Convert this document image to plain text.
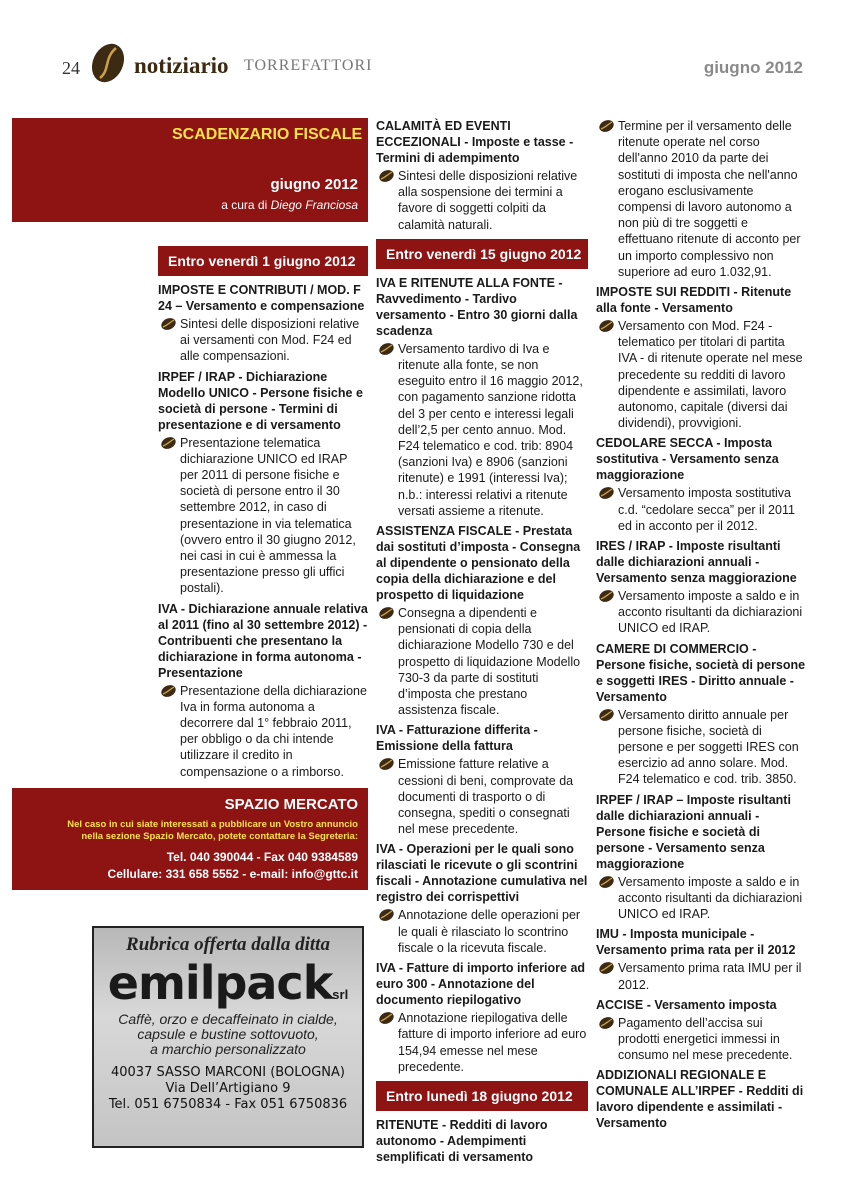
24 notiziario TORREFATTORI	giugno 2012
SCADENZARIO FISCALE
giugno 2012
a cura di Diego Franciosa
Entro venerdì 1 giugno 2012
IMPOSTE E CONTRIBUTI / MOD. F 24 – Versamento e compensazione
Sintesi delle disposizioni relative ai versamenti con Mod. F24 ed alle compensazioni.
IRPEF / IRAP - Dichiarazione Modello UNICO - Persone fisiche e società di persone - Termini di presentazione e di versamento
Presentazione telematica dichiarazione UNICO ed IRAP per 2011 di persone fisiche e società di persone entro il 30 settembre 2012, in caso di presentazione in via telematica (ovvero entro il 30 giugno 2012, nei casi in cui è ammessa la presentazione presso gli uffici postali).
IVA - Dichiarazione annuale relativa al 2011 (fino al 30 settembre 2012) - Contribuenti che presentano la dichiarazione in forma autonoma - Presentazione
Presentazione della dichiarazione Iva in forma autonoma a decorrere dal 1° febbraio 2011, per obbligo o da chi intende utilizzare il credito in compensazione o a rimborso.
CALAMITÀ ED EVENTI ECCEZIONALI - Imposte e tasse - Termini di adempimento
Sintesi delle disposizioni relative alla sospensione dei termini a favore di soggetti colpiti da calamità naturali.
Entro venerdì 15 giugno 2012
IVA E RITENUTE ALLA FONTE - Ravvedimento - Tardivo versamento - Entro 30 giorni dalla scadenza
Versamento tardivo di Iva e ritenute alla fonte, se non eseguito entro il 16 maggio 2012, con pagamento sanzione ridotta del 3 per cento e interessi legali dell’2,5 per cento annuo. Mod. F24 telematico e cod. trib: 8904 (sanzioni Iva) e 8906 (sanzioni ritenute) e 1991 (interessi Iva); n.b.: interessi relativi a ritenute versati assieme a ritenute.
ASSISTENZA FISCALE - Prestata dai sostituti d’imposta - Consegna al dipendente o pensionato della copia della dichiarazione e del prospetto di liquidazione
Consegna a dipendenti e pensionati di copia della dichiarazione Modello 730 e del prospetto di liquidazione Modello 730-3 da parte di sostituti d’imposta che prestano assistenza fiscale.
IVA - Fatturazione differita - Emissione della fattura
Emissione fatture relative a cessioni di beni, comprovate da documenti di trasporto o di consegna, spediti o consegnati nel mese precedente.
IVA - Operazioni per le quali sono rilasciati le ricevute o gli scontrini fiscali - Annotazione cumulativa nel registro dei corrispettivi
Annotazione delle operazioni per le quali è rilasciato lo scontrino fiscale o la ricevuta fiscale.
IVA - Fatture di importo inferiore ad euro 300 - Annotazione del documento riepilogativo
Annotazione riepilogativa delle fatture di importo inferiore ad euro 154,94 emesse nel mese precedente.
Entro lunedì 18 giugno 2012
RITENUTE - Redditi di lavoro autonomo - Adempimenti semplificati di versamento
Termine per il versamento delle ritenute operate nel corso dell'anno 2010 da parte dei sostituti di imposta che nell'anno erogano esclusivamente compensi di lavoro autonomo a non più di tre soggetti e effettuano ritenute di acconto per un importo complessivo non superiore ad euro 1.032,91.
IMPOSTE SUI REDDITI - Ritenute alla fonte - Versamento
Versamento con Mod. F24 - telematico per titolari di partita IVA - di ritenute operate nel mese precedente su redditi di lavoro dipendente e assimilati, lavoro autonomo, capitale (diversi dai dividendi), provvigioni.
CEDOLARE SECCA - Imposta sostitutiva - Versamento senza maggiorazione
Versamento imposta sostitutiva c.d. “cedolare secca” per il 2011 ed in acconto per il 2012.
IRES / IRAP - Imposte risultanti dalle dichiarazioni annuali - Versamento senza maggiorazione
Versamento imposte a saldo e in acconto risultanti da dichiarazioni UNICO ed IRAP.
CAMERE DI COMMERCIO - Persone fisiche, società di persone e soggetti IRES - Diritto annuale - Versamento
Versamento diritto annuale per persone fisiche, società di persone e per soggetti IRES con esercizio ad anno solare. Mod. F24 telematico e cod. trib. 3850.
IRPEF / IRAP – Imposte risultanti dalle dichiarazioni annuali - Persone fisiche e società di persone - Versamento senza maggiorazione
Versamento imposte a saldo e in acconto risultanti da dichiarazioni UNICO ed IRAP.
IMU - Imposta municipale - Versamento prima rata per il 2012
Versamento prima rata IMU per il 2012.
ACCISE - Versamento imposta
Pagamento dell’accisa sui prodotti energetici immessi in consumo nel mese precedente.
ADDIZIONALI REGIONALE E COMUNALE ALL’IRPEF - Redditi di lavoro dipendente e assimilati - Versamento
SPAZIO MERCATO
Nel caso in cui siate interessati a pubblicare un Vostro annuncio
nella sezione Spazio Mercato, potete contattare la Segreteria:
Tel. 040 390044 - Fax 040 9384589
Cellulare: 331 658 5552 - e-mail: info@gttc.it
Rubrica offerta dalla ditta
emilpacksrl
Caffè, orzo e decaffeinato in cialde,
capsule e bustine sottovuoto,
a marchio personalizzato
40037 SASSO MARCONI (BOLOGNA)
Via Dell’Artigiano 9
Tel. 051 6750834 - Fax 051 6750836
